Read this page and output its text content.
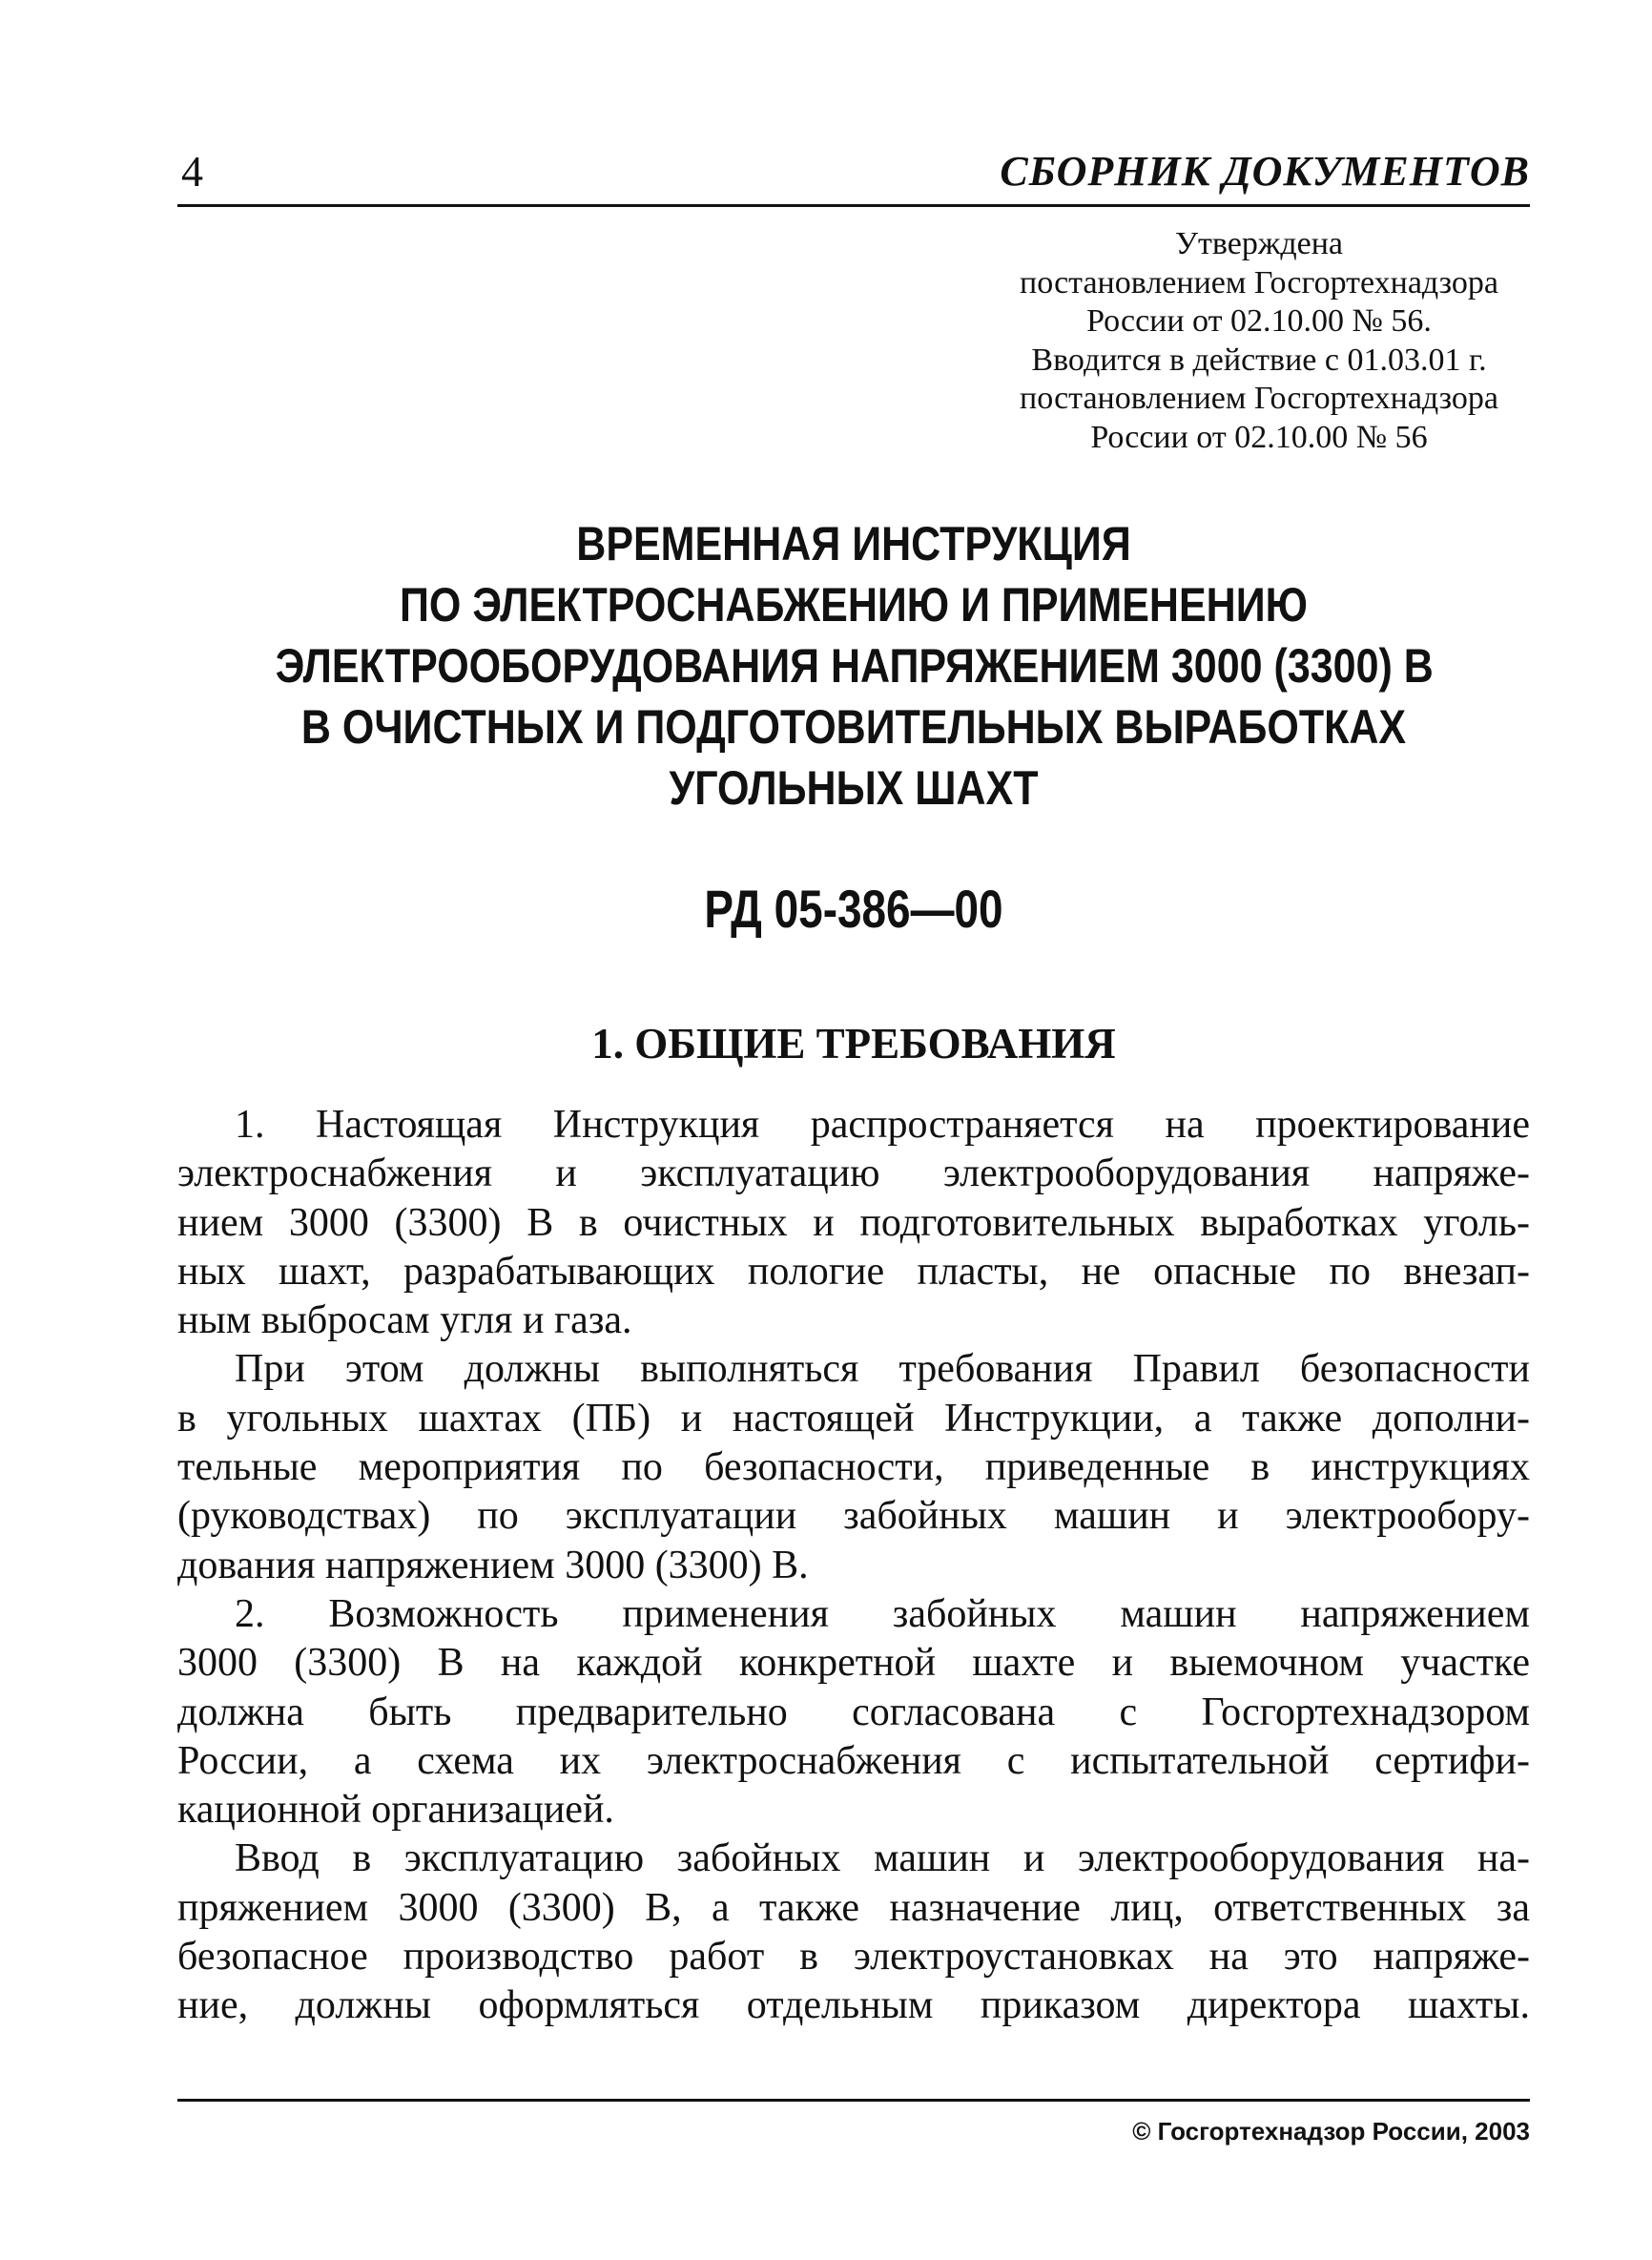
4	СБОРНИК ДОКУМЕНТОВ
Утверждена
постановлением Госгортехнадзора
России от 02.10.00 № 56.
Вводится в действие с 01.03.01 г.
постановлением Госгортехнадзора
России от 02.10.00 № 56
ВРЕМЕННАЯ ИНСТРУКЦИЯ
ПО ЭЛЕКТРОСНАБЖЕНИЮ И ПРИМЕНЕНИЮ
ЭЛЕКТРООБОРУДОВАНИЯ НАПРЯЖЕНИЕМ 3000 (3300) В
В ОЧИСТНЫХ И ПОДГОТОВИТЕЛЬНЫХ ВЫРАБОТКАХ
УГОЛЬНЫХ ШАХТ
РД 05-386—00
1. ОБЩИЕ ТРЕБОВАНИЯ
1. Настоящая Инструкция распространяется на проектирование
электроснабжения и эксплуатацию электрооборудования напряже-
нием 3000 (3300) В в очистных и подготовительных выработках уголь-
ных шахт, разрабатывающих пологие пласты, не опасные по внезап-
ным выбросам угля и газа.
При этом должны выполняться требования Правил безопасности
в угольных шахтах (ПБ) и настоящей Инструкции, а также дополни-
тельные мероприятия по безопасности, приведенные в инструкциях
(руководствах) по эксплуатации забойных машин и электрообору-
дования напряжением 3000 (3300) В.
2. Возможность применения забойных машин напряжением
3000 (3300) В на каждой конкретной шахте и выемочном участке
должна быть предварительно согласована с Госгортехнадзором
России, а схема их электроснабжения с испытательной сертифи-
кационной организацией.
Ввод в эксплуатацию забойных машин и электрооборудования на-
пряжением 3000 (3300) В, а также назначение лиц, ответственных за
безопасное производство работ в электроустановках на это напряже-
ние, должны оформляться отдельным приказом директора шахты.
© Госгортехнадзор России, 2003
